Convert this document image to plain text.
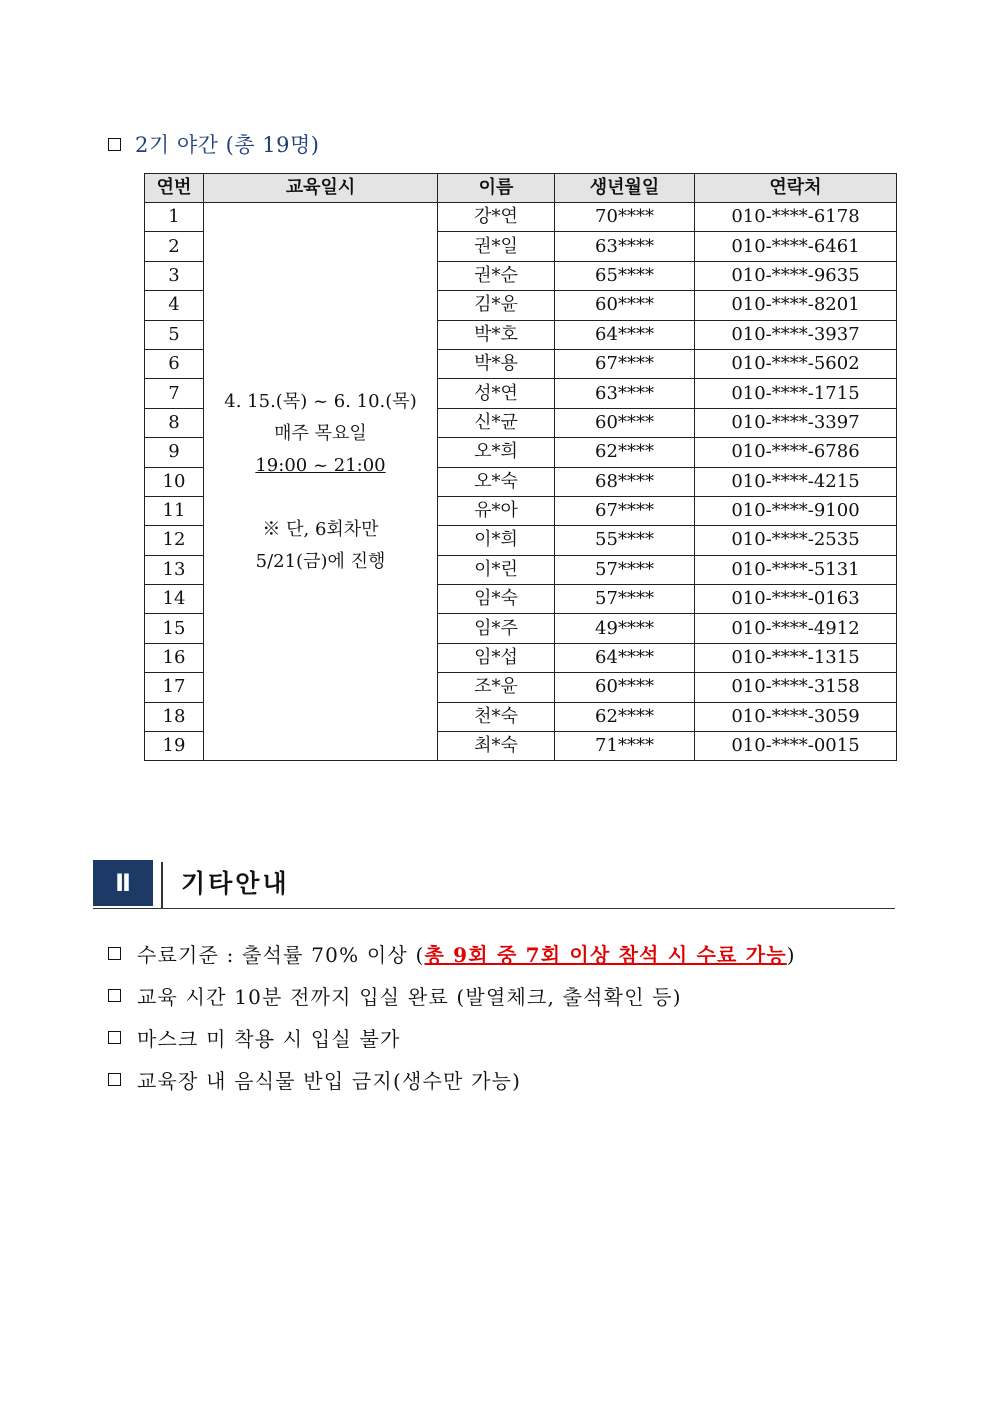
2기 야간 (총 19명)
연번	교육일시	이름	생년월일	연락처
1	4. 15.(목) ~ 6. 10.(목)
매주 목요일
19:00 ~ 21:00
※ 단, 6회차만
5/21(금)에 진행	강*연	70****	010-****-6178
2		권*일	63****	010-****-6461
3		권*순	65****	010-****-9635
4		김*윤	60****	010-****-8201
5		박*호	64****	010-****-3937
6		박*용	67****	010-****-5602
7		성*연	63****	010-****-1715
8		신*균	60****	010-****-3397
9		오*희	62****	010-****-6786
10		오*숙	68****	010-****-4215
11		유*아	67****	010-****-9100
12		이*희	55****	010-****-2535
13		이*린	57****	010-****-5131
14		임*숙	57****	010-****-0163
15		임*주	49****	010-****-4912
16		임*섭	64****	010-****-1315
17		조*윤	60****	010-****-3158
18		천*숙	62****	010-****-3059
19		최*숙	71****	010-****-0015
Ⅱ	기타안내
수료기준 : 출석률 70% 이상 (총 9회 중 7회 이상 참석 시 수료 가능)
교육 시간 10분 전까지 입실 완료 (발열체크, 출석확인 등)
마스크 미 착용 시 입실 불가
교육장 내 음식물 반입 금지(생수만 가능)
